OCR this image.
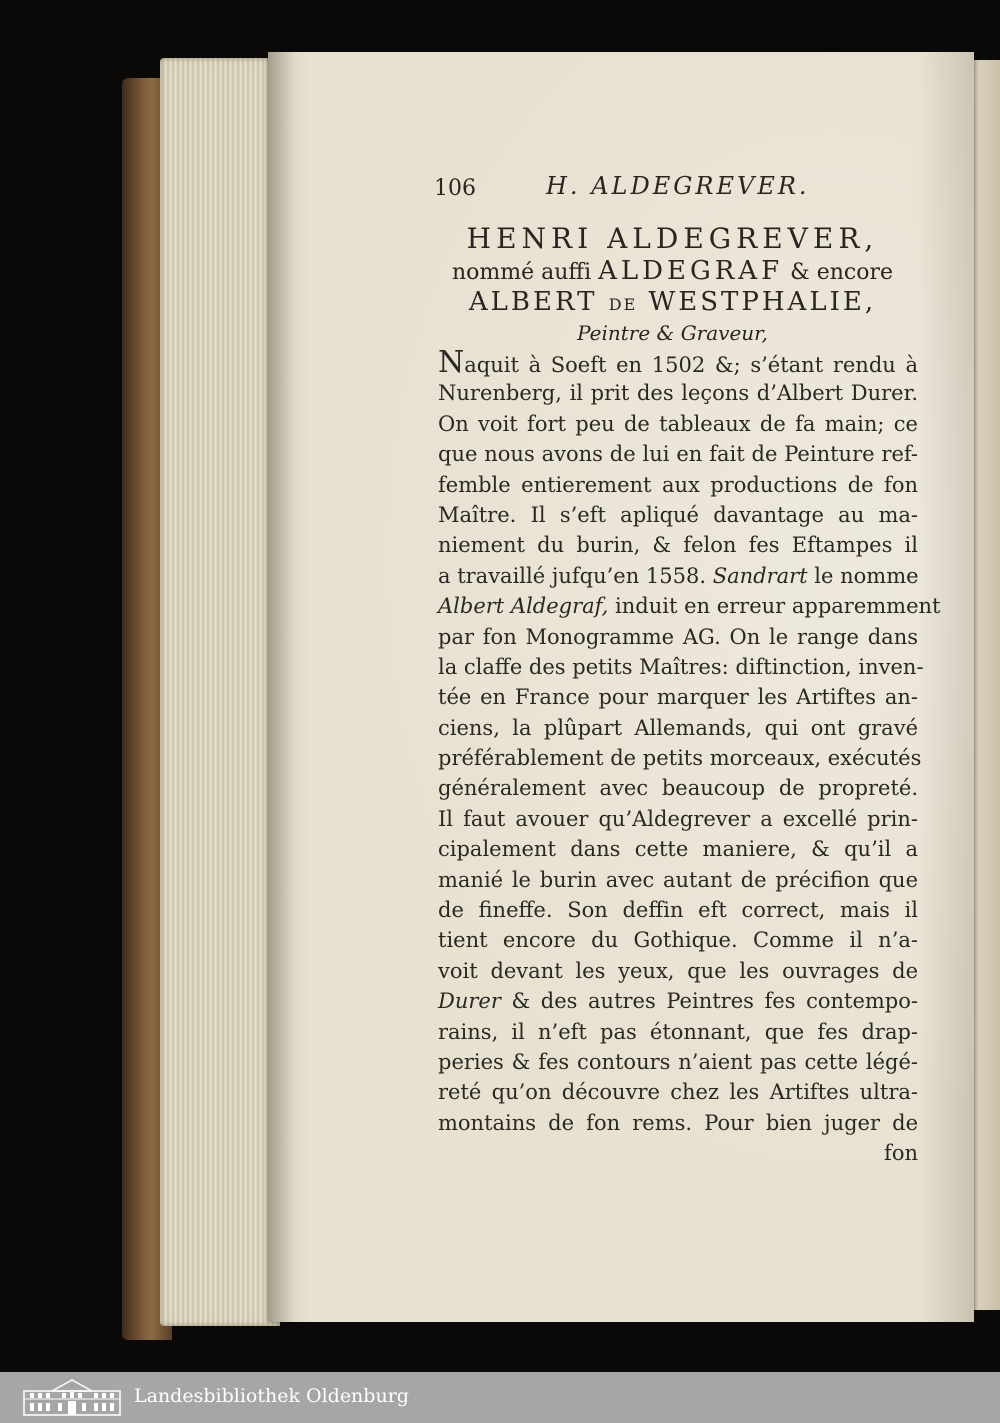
106	H. ALDEGREVER.
HENRI ALDEGREVER,
nommé auffi ALDEGRAF & encore
ALBERT DE WESTPHALIE,
Peintre & Graveur,
Naquit à Soeft en 1502 &; s’étant rendu à
Nurenberg, il prit des leçons d’Albert Durer.
On voit fort peu de tableaux de fa main; ce
que nous avons de lui en fait de Peinture ref-
femble entierement aux productions de fon
Maître. Il s’eft apliqué davantage au ma-
niement du burin, & felon fes Eftampes il
a travaillé jufqu’en 1558. Sandrart le nomme
Albert Aldegraf, induit en erreur apparemment
par fon Monogramme AG. On le range dans
la claffe des petits Maîtres: diftinction, inven-
tée en France pour marquer les Artiftes an-
ciens, la plûpart Allemands, qui ont gravé
préférablement de petits morceaux, exécutés
généralement avec beaucoup de propreté.
Il faut avouer qu’Aldegrever a excellé prin-
cipalement dans cette maniere, & qu’il a
manié le burin avec autant de précifion que
de fineffe. Son deffin eft correct, mais il
tient encore du Gothique. Comme il n’a-
voit devant les yeux, que les ouvrages de
Durer & des autres Peintres fes contempo-
rains, il n’eft pas étonnant, que fes drap-
peries & fes contours n’aient pas cette légé-
reté qu’on découvre chez les Artiftes ultra-
montains de fon rems. Pour bien juger de
fon
Landesbibliothek Oldenburg
